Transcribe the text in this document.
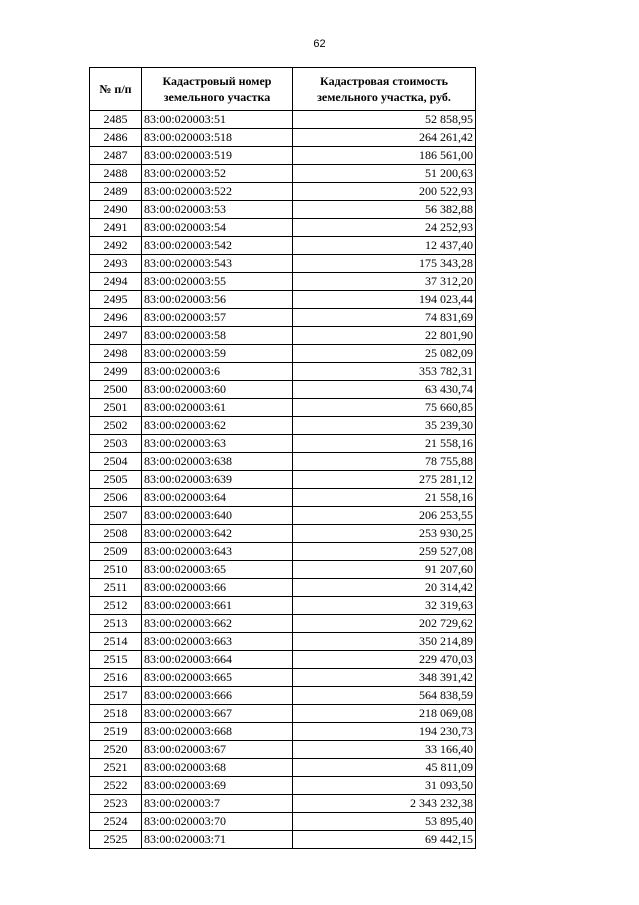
62
№ п/п	Кадастровый номер земельного участка	Кадастровая стоимость земельного участка, руб.
2485	83:00:020003:51	52 858,95
2486	83:00:020003:518	264 261,42
2487	83:00:020003:519	186 561,00
2488	83:00:020003:52	51 200,63
2489	83:00:020003:522	200 522,93
2490	83:00:020003:53	56 382,88
2491	83:00:020003:54	24 252,93
2492	83:00:020003:542	12 437,40
2493	83:00:020003:543	175 343,28
2494	83:00:020003:55	37 312,20
2495	83:00:020003:56	194 023,44
2496	83:00:020003:57	74 831,69
2497	83:00:020003:58	22 801,90
2498	83:00:020003:59	25 082,09
2499	83:00:020003:6	353 782,31
2500	83:00:020003:60	63 430,74
2501	83:00:020003:61	75 660,85
2502	83:00:020003:62	35 239,30
2503	83:00:020003:63	21 558,16
2504	83:00:020003:638	78 755,88
2505	83:00:020003:639	275 281,12
2506	83:00:020003:64	21 558,16
2507	83:00:020003:640	206 253,55
2508	83:00:020003:642	253 930,25
2509	83:00:020003:643	259 527,08
2510	83:00:020003:65	91 207,60
2511	83:00:020003:66	20 314,42
2512	83:00:020003:661	32 319,63
2513	83:00:020003:662	202 729,62
2514	83:00:020003:663	350 214,89
2515	83:00:020003:664	229 470,03
2516	83:00:020003:665	348 391,42
2517	83:00:020003:666	564 838,59
2518	83:00:020003:667	218 069,08
2519	83:00:020003:668	194 230,73
2520	83:00:020003:67	33 166,40
2521	83:00:020003:68	45 811,09
2522	83:00:020003:69	31 093,50
2523	83:00:020003:7	2 343 232,38
2524	83:00:020003:70	53 895,40
2525	83:00:020003:71	69 442,15
